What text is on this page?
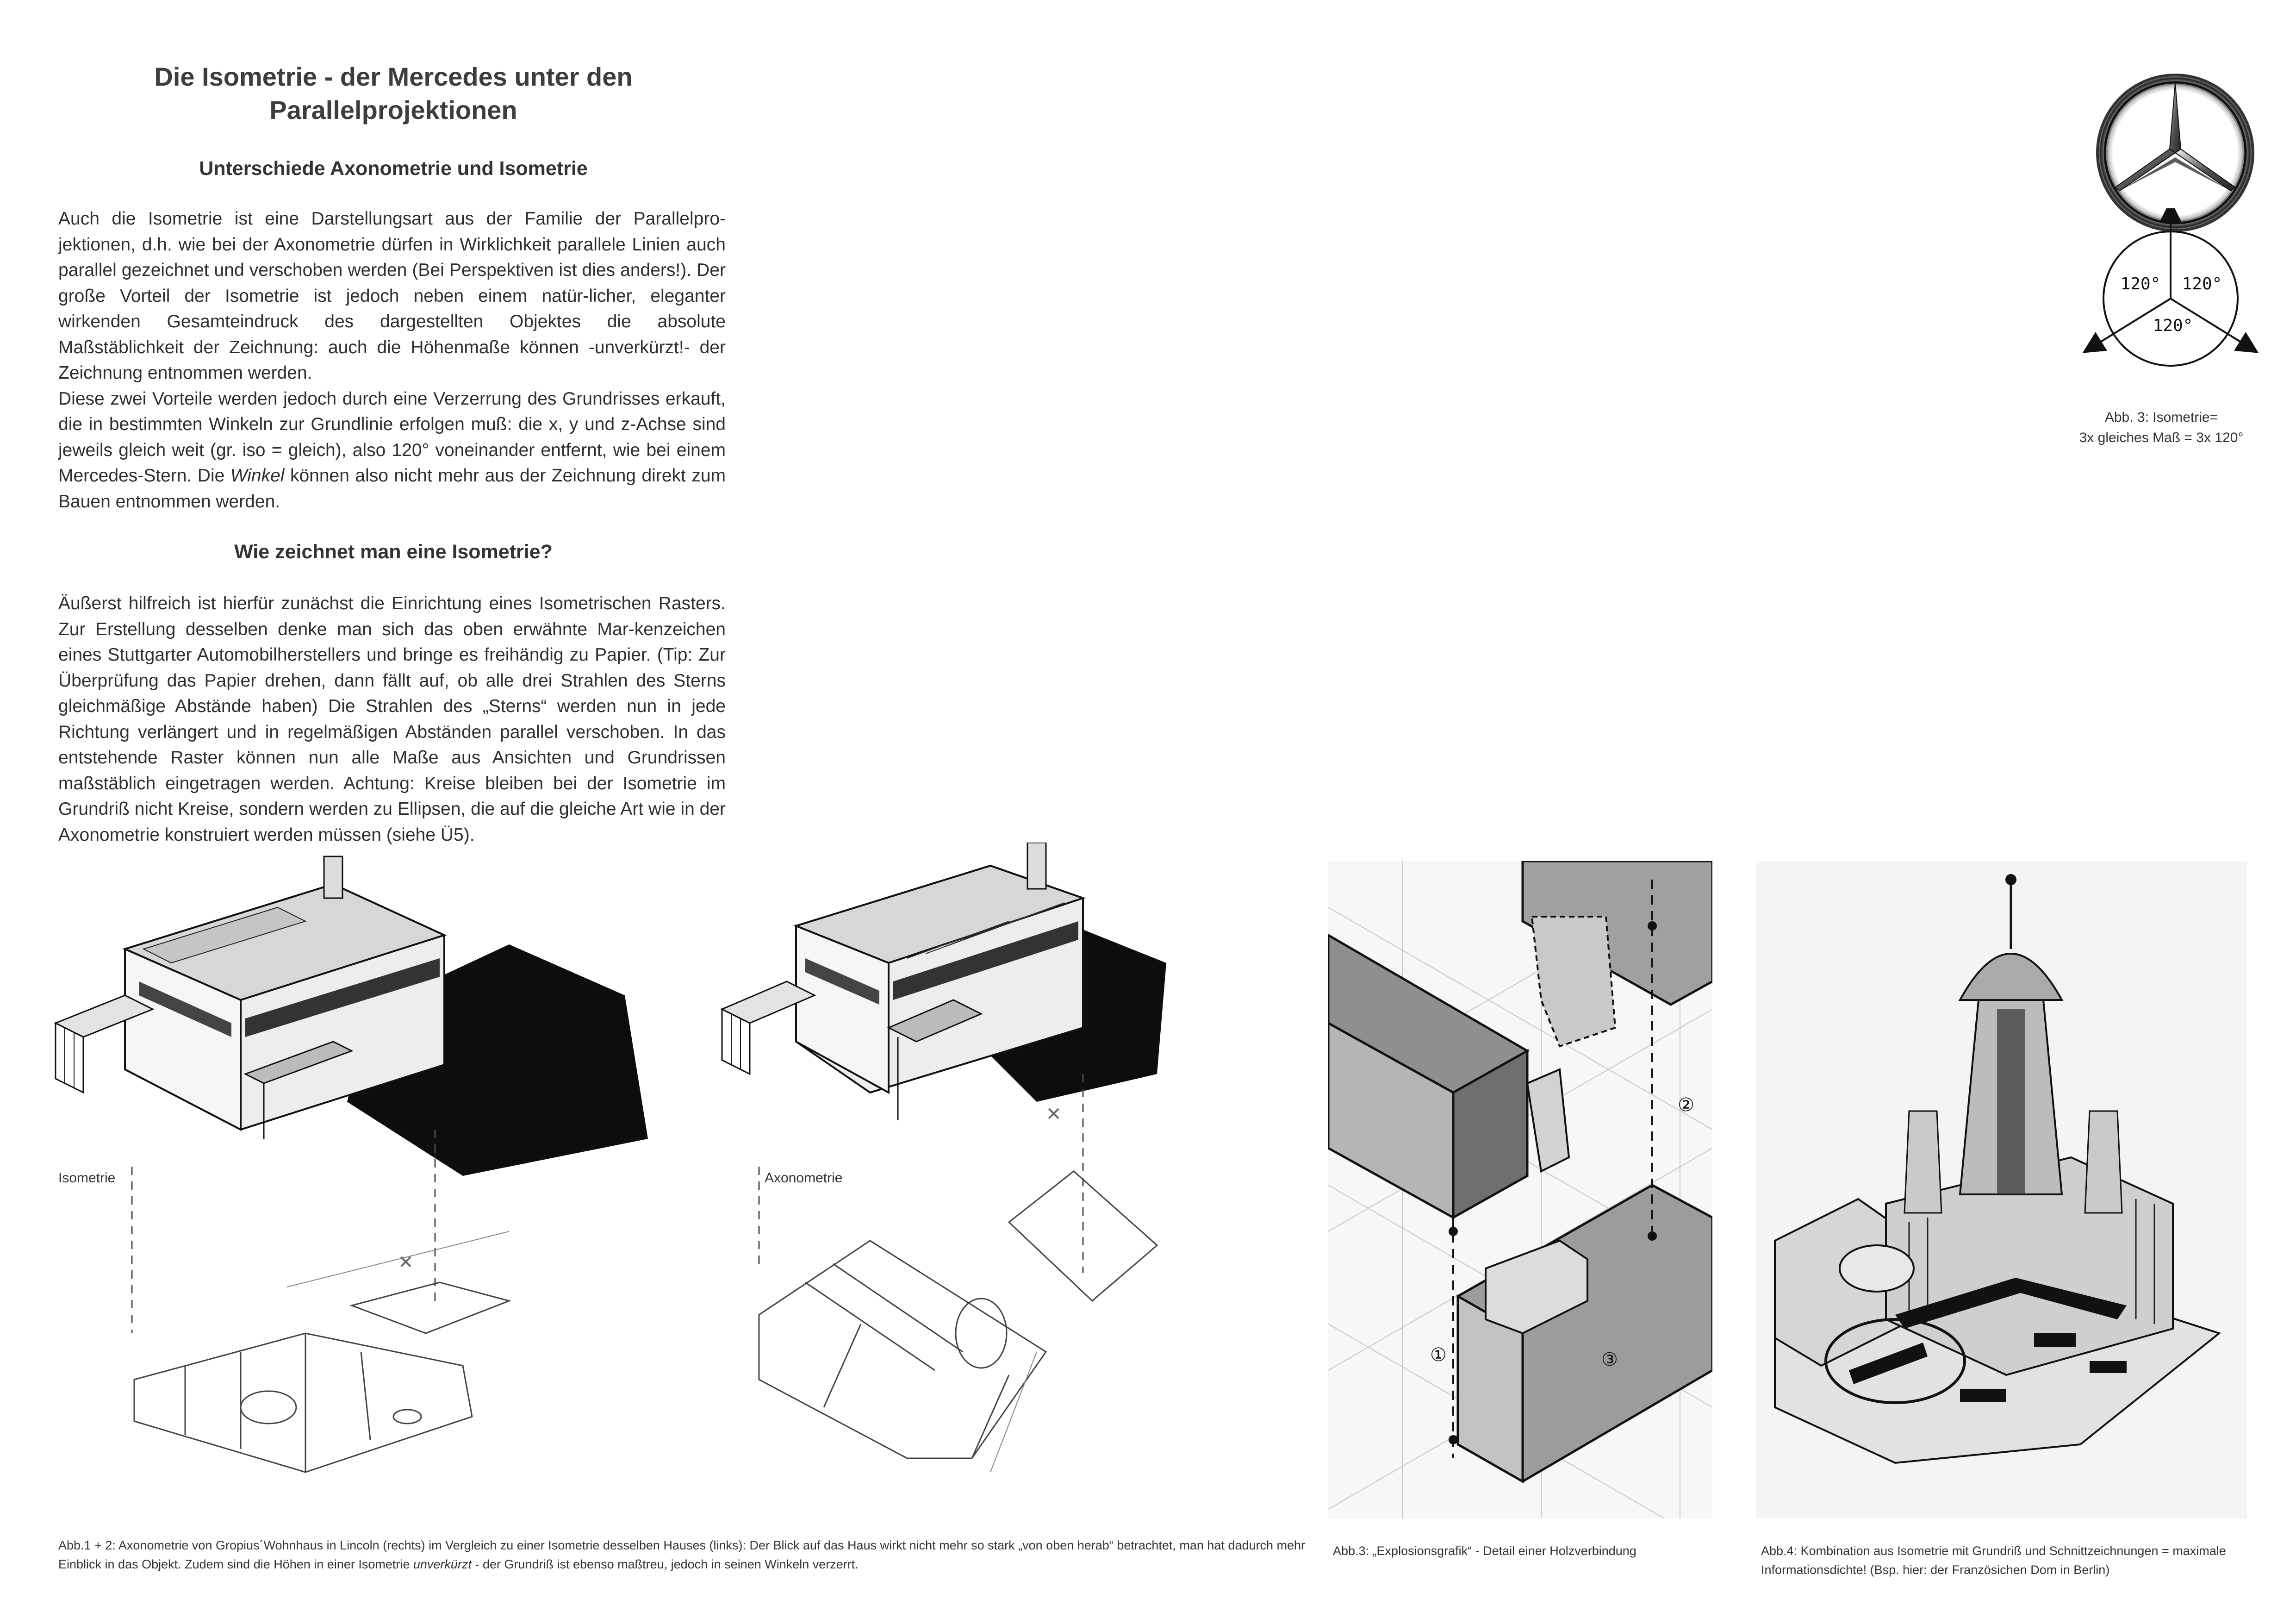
Die Isometrie - der Mercedes unter den
Parallelprojektionen
Unterschiede Axonometrie und Isometrie
Auch die Isometrie ist eine Darstellungsart aus der Familie der Parallelpro-jektionen, d.h. wie bei der Axonometrie dürfen in Wirklichkeit parallele Linien auch parallel gezeichnet und verschoben werden (Bei Perspektiven ist dies anders!). Der große Vorteil der Isometrie ist jedoch neben einem natür-licher, eleganter wirkenden Gesamteindruck des dargestellten Objektes die absolute Maßstäblichkeit der Zeichnung: auch die Höhenmaße können -unverkürzt!- der Zeichnung entnommen werden.
Diese zwei Vorteile werden jedoch durch eine Verzerrung des Grundrisses erkauft, die in bestimmten Winkeln zur Grundlinie erfolgen muß: die x, y und z-Achse sind jeweils gleich weit (gr. iso = gleich), also 120° voneinander entfernt, wie bei einem Mercedes-Stern. Die Winkel können also nicht mehr aus der Zeichnung direkt zum Bauen entnommen werden.
Wie zeichnet man eine Isometrie?
Äußerst hilfreich ist hierfür zunächst die Einrichtung eines Isometrischen Rasters. Zur Erstellung desselben denke man sich das oben erwähnte Mar-kenzeichen eines Stuttgarter Automobilherstellers und bringe es freihändig zu Papier. (Tip: Zur Überprüfung das Papier drehen, dann fällt auf, ob alle drei Strahlen des Sterns gleichmäßige Abstände haben) Die Strahlen des „Sterns“ werden nun in jede Richtung verlängert und in regelmäßigen Abständen parallel verschoben. In das entstehende Raster können nun alle Maße aus Ansichten und Grundrissen maßstäblich eingetragen werden. Achtung: Kreise bleiben bei der Isometrie im Grundriß nicht Kreise, sondern werden zu Ellipsen, die auf die gleiche Art wie in der Axonometrie konstruiert werden müssen (siehe Ü5).
120° 120°
120°
Abb. 3: Isometrie=
3x gleiches Maß = 3x 120°
✕
Isometrie
✕
Axonometrie
①
②
③

Abb.1 + 2: Axonometrie von Gropius´Wohnhaus in Lincoln (rechts) im Vergleich zu einer Isometrie desselben Hauses (links): Der Blick auf das Haus wirkt nicht mehr so stark „von oben herab“ betrachtet, man hat dadurch mehr Einblick in das Objekt. Zudem sind die Höhen in einer Isometrie unverkürzt - der Grundriß ist ebenso maßtreu, jedoch in seinen Winkeln verzerrt.

Abb.3: „Explosionsgrafik“ - Detail einer Holzverbindung	Abb.4: Kombination aus Isometrie mit Grundriß und Schnittzeichnungen = maximale Informationsdichte! (Bsp. hier: der Französichen Dom in Berlin)
